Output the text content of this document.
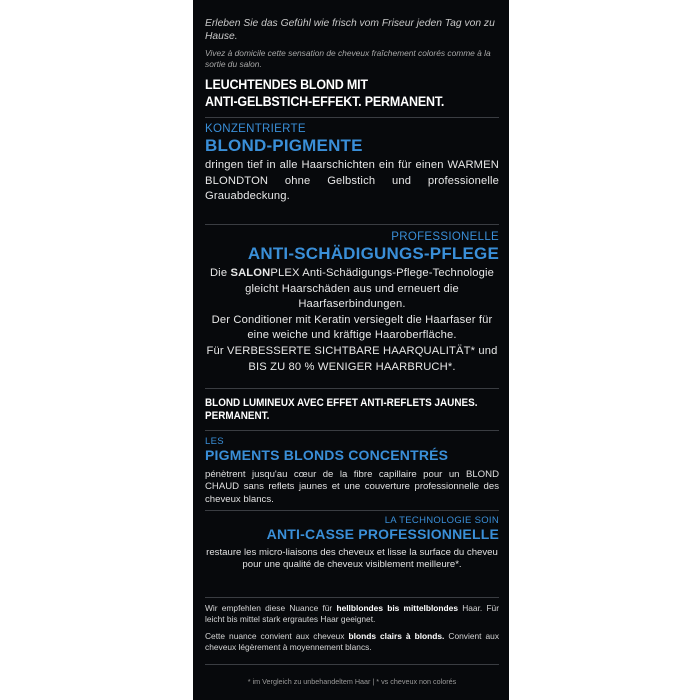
Erleben Sie das Gefühl wie frisch vom Friseur jeden Tag von zu Hause.
Vivez à domicile cette sensation de cheveux fraîchement colorés comme à la sortie du salon.
LEUCHTENDES BLOND MIT
ANTI-GELBSTICH-EFFEKT. PERMANENT.
KONZENTRIERTE
BLOND-PIGMENTE
dringen tief in alle Haarschichten ein für einen WARMEN BLONDTON ohne Gelbstich und professionelle Grauabdeckung.
PROFESSIONELLE
ANTI-SCHÄDIGUNGS-PFLEGE
Die SALONPLEX Anti-Schädigungs-Pflege-Technologie gleicht Haarschäden aus und erneuert die Haarfaserbindungen.
Der Conditioner mit Keratin versiegelt die Haarfaser für eine weiche und kräftige Haaroberfläche.
Für VERBESSERTE SICHTBARE HAARQUALITÄT* und BIS ZU 80 % WENIGER HAARBRUCH*.
BLOND LUMINEUX AVEC EFFET ANTI-REFLETS JAUNES.
PERMANENT.
LES
PIGMENTS BLONDS CONCENTRÉS
pénètrent jusqu'au cœur de la fibre capillaire pour un BLOND CHAUD sans reflets jaunes et une couverture professionnelle des cheveux blancs.
LA TECHNOLOGIE SOIN
ANTI-CASSE PROFESSIONNELLE
restaure les micro-liaisons des cheveux et lisse la surface du cheveu pour une qualité de cheveux visiblement meilleure*.
Wir empfehlen diese Nuance für hellblondes bis mittelblondes Haar. Für leicht bis mittel stark ergrautes Haar geeignet.
Cette nuance convient aux cheveux blonds clairs à blonds. Convient aux cheveux légèrement à moyennement blancs.
* im Vergleich zu unbehandeltem Haar | * vs cheveux non colorés
